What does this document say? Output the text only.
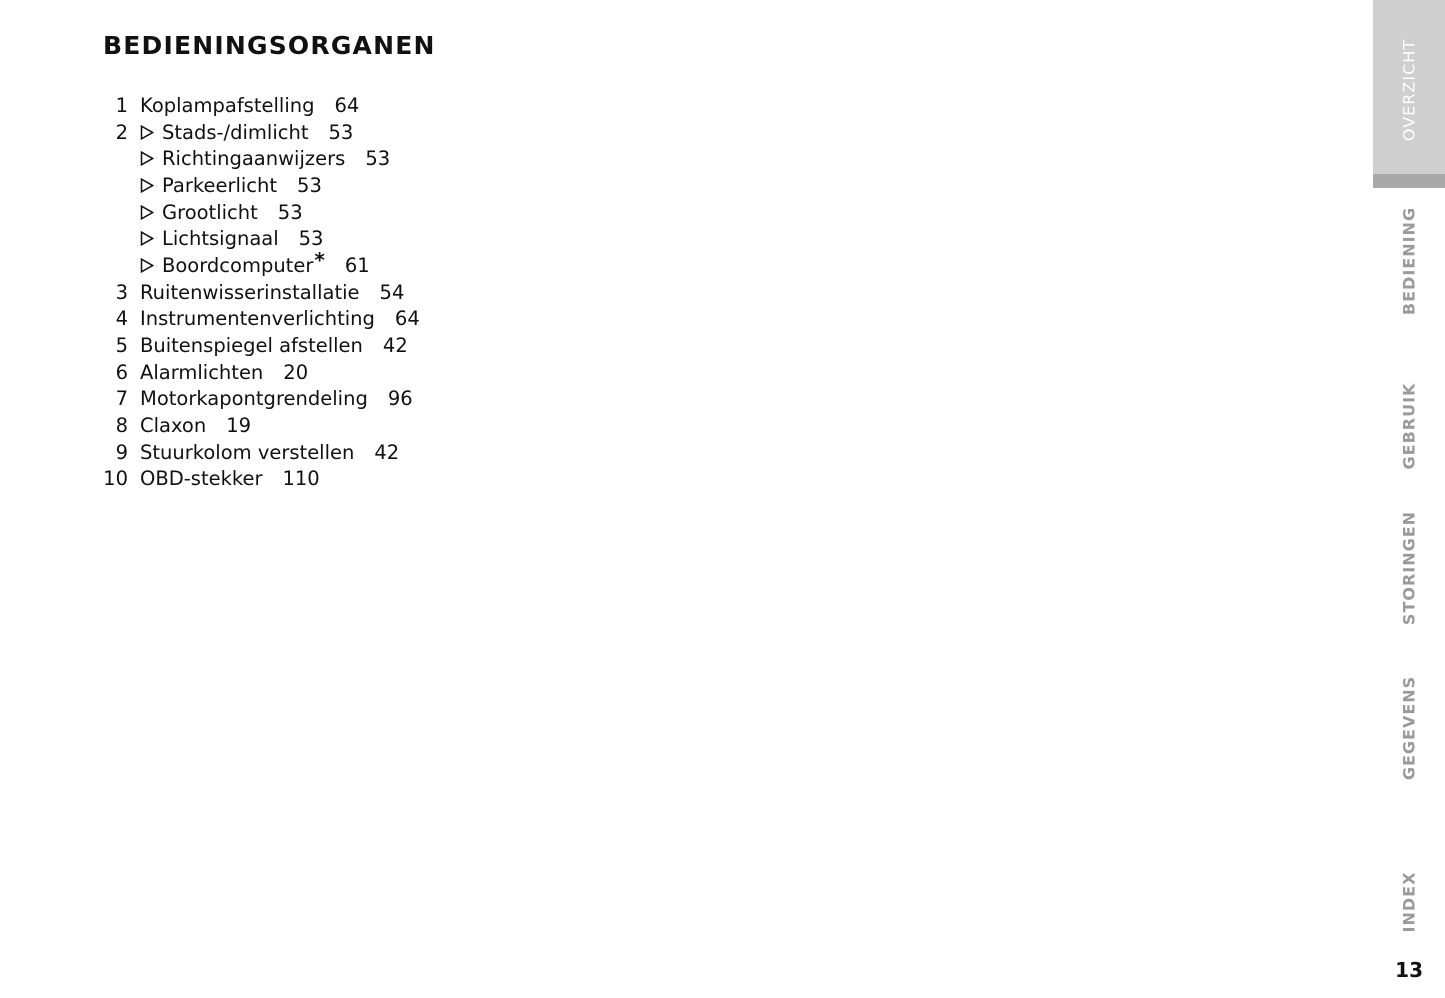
BEDIENINGSORGANEN
1 Koplampafstelling 64
2 Stads-/dimlicht 53
Richtingaanwijzers 53
Parkeerlicht 53
Grootlicht 53
Lichtsignaal 53
Boordcomputer * 61
3 Ruitenwisserinstallatie 54
4 Instrumentenverlichting 64
5 Buitenspiegel afstellen 42
6 Alarmlichten 20
7 Motorkapontgrendeling 96
8 Claxon 19
9 Stuurkolom verstellen 42
10 OBD-stekker 110
OVERZICHT
BEDIENING
GEBRUIK
STORINGEN
GEGEVENS
INDEX
13
